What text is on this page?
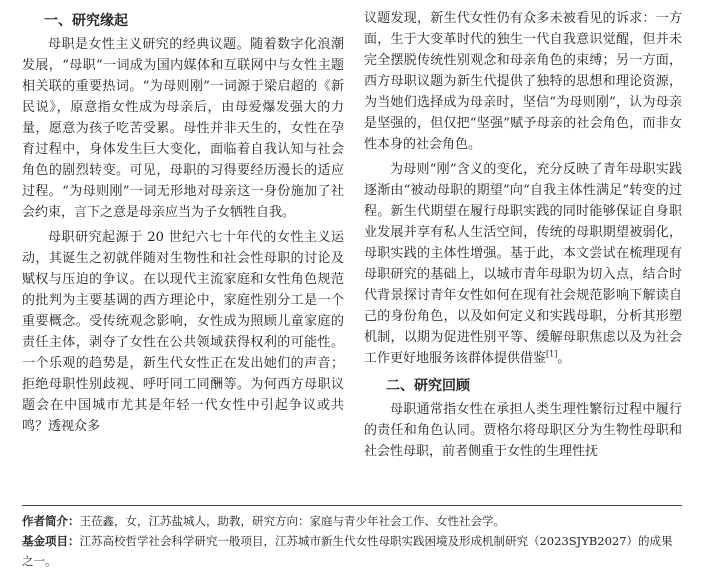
一、研究缘起

母职是女性主义研究的经典议题。随着数字化浪潮发展，“母职”一词成为国内媒体和互联网中与女性主题相关联的重要热词。“为母则刚”一词源于梁启超的《新民说》，原意指女性成为母亲后，由母爱爆发强大的力量，愿意为孩子吃苦受累。母性并非天生的，女性在孕育过程中，身体发生巨大变化，面临着自我认知与社会角色的剧烈转变。可见，母职的习得要经历漫长的适应过程。“为母则刚”一词无形地对母亲这一身份施加了社会约束，言下之意是母亲应当为子女牺牲自我。

母职研究起源于 20 世纪六七十年代的女性主义运动，其诞生之初就伴随对生物性和社会性母职的讨论及赋权与压迫的争议。在以现代主流家庭和女性角色规范的批判为主要基调的西方理论中，家庭性别分工是一个重要概念。受传统观念影响，女性成为照顾儿童家庭的责任主体，剥夺了女性在公共领域获得权利的可能性。一个乐观的趋势是，新生代女性正在发出她们的声音；拒绝母职性别歧视、呼吁同工同酬等。为何西方母职议题会在中国城市尤其是年轻一代女性中引起争议或共鸣？透视众多

议题发现，新生代女性仍有众多未被看见的诉求：一方面，生于大变革时代的独生一代自我意识觉醒，但并未完全摆脱传统性别观念和母亲角色的束缚；另一方面，西方母职议题为新生代提供了独特的思想和理论资源，为当她们选择成为母亲时，坚信“为母则刚”，认为母亲是坚强的，但仅把“坚强”赋予母亲的社会角色，而非女性本身的社会角色。

为母则“刚”含义的变化，充分反映了青年母职实践逐渐由“被动母职的期望”向“自我主体性满足”转变的过程。新生代期望在履行母职实践的同时能够保证自身职业发展并享有私人生活空间，传统的母职期望被弱化，母职实践的主体性增强。基于此，本文尝试在梳理现有母职研究的基础上，以城市青年母职为切入点，结合时代背景探讨青年女性如何在现有社会规范影响下解读自己的身份角色，以及如何定义和实践母职，分析其形塑机制，以期为促进性别平等、缓解母职焦虑以及为社会工作更好地服务该群体提供借鉴[1]。

二、研究回顾

母职通常指女性在承担人类生理性繁衍过程中履行的责任和角色认同。贾格尔将母职区分为生物性母职和社会性母职，前者侧重于女性的生理性抚

作者简介：王莅鑫，女，江苏盐城人，助教，研究方向：家庭与青少年社会工作、女性社会学。

基金项目：江苏高校哲学社会科学研究一般项目，江苏城市新生代女性母职实践困境及形成机制研究（2023SJYB2027）的成果之一。
